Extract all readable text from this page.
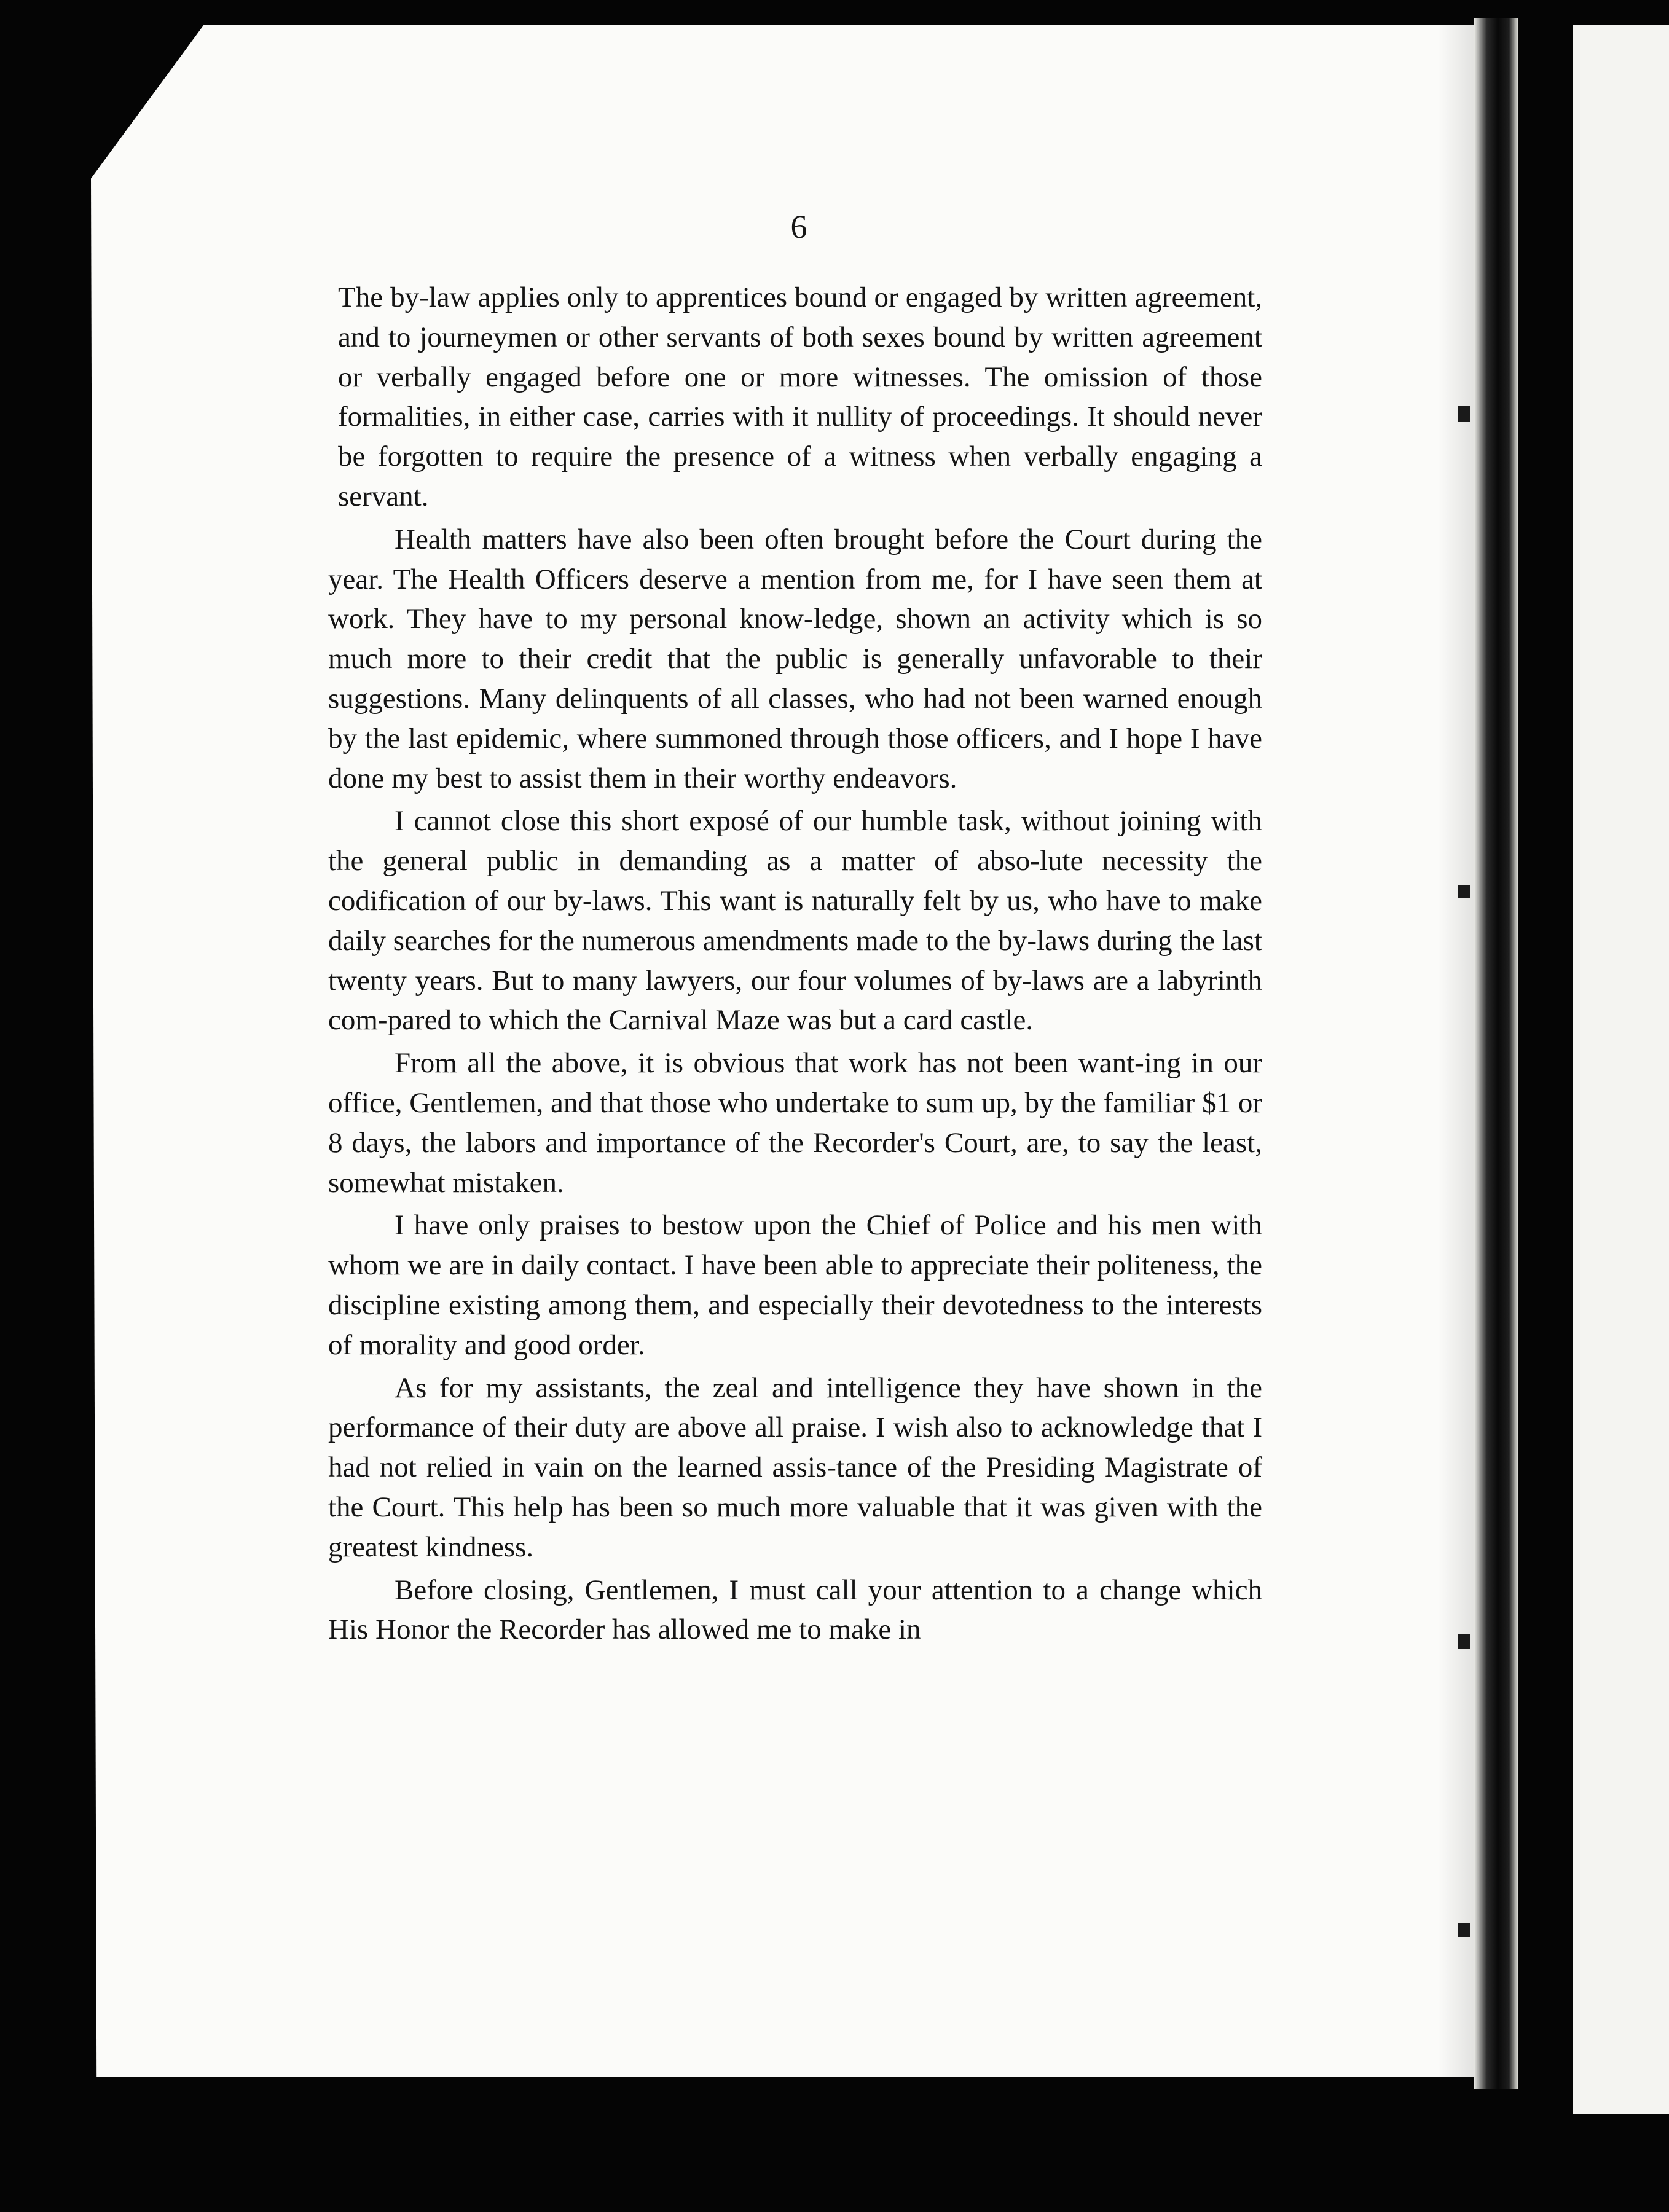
6

The by-law applies only to apprentices bound or engaged by written agreement, and to journeymen or other servants of both sexes bound by written agreement or verbally engaged before one or more witnesses. The omission of those formalities, in either case, carries with it nullity of proceedings. It should never be forgotten to require the presence of a witness when verbally engaging a servant.

Health matters have also been often brought before the Court during the year. The Health Officers deserve a mention from me, for I have seen them at work. They have to my personal know-ledge, shown an activity which is so much more to their credit that the public is generally unfavorable to their suggestions. Many delinquents of all classes, who had not been warned enough by the last epidemic, where summoned through those officers, and I hope I have done my best to assist them in their worthy endeavors.

I cannot close this short exposé of our humble task, without joining with the general public in demanding as a matter of abso-lute necessity the codification of our by-laws. This want is naturally felt by us, who have to make daily searches for the numerous amendments made to the by-laws during the last twenty years. But to many lawyers, our four volumes of by-laws are a labyrinth com-pared to which the Carnival Maze was but a card castle.

From all the above, it is obvious that work has not been want-ing in our office, Gentlemen, and that those who undertake to sum up, by the familiar $1 or 8 days, the labors and importance of the Recorder's Court, are, to say the least, somewhat mistaken.

I have only praises to bestow upon the Chief of Police and his men with whom we are in daily contact. I have been able to appreciate their politeness, the discipline existing among them, and especially their devotedness to the interests of morality and good order.

As for my assistants, the zeal and intelligence they have shown in the performance of their duty are above all praise. I wish also to acknowledge that I had not relied in vain on the learned assis-tance of the Presiding Magistrate of the Court. This help has been so much more valuable that it was given with the greatest kindness.

Before closing, Gentlemen, I must call your attention to a change which His Honor the Recorder has allowed me to make in
